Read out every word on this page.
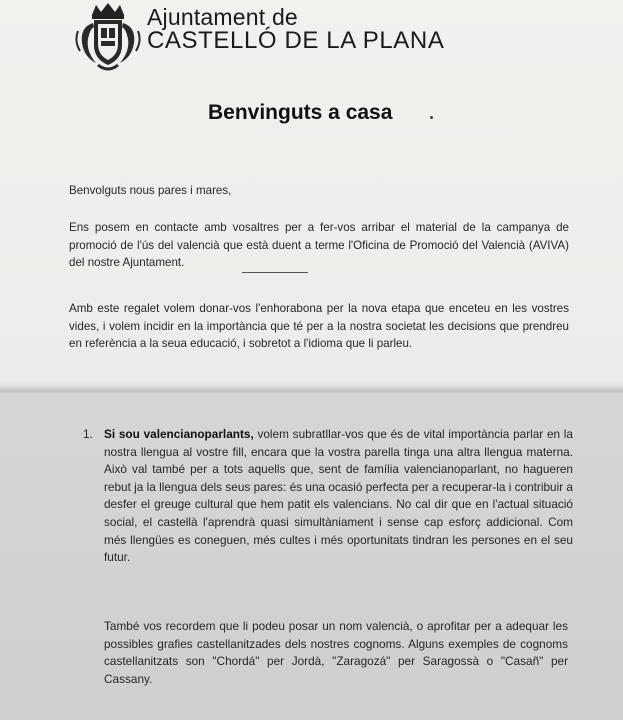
Ajuntament de
CASTELLÓ DE LA PLANA
Benvinguts a casa
Benvolguts nous pares i mares,
Ens posem en contacte amb vosaltres per a fer-vos arribar el material de la campanya de promoció de l'ús del valencià que està duent a terme l'Oficina de Promoció del Valencià (AVIVA) del nostre Ajuntament.
Amb este regalet volem donar-vos l'enhorabona per la nova etapa que enceteu en les vostres vides, i volem incidir en la importància que té per a la nostra societat les decisions que prendreu en referència a la seua educació, i sobretot a l'idioma que li parleu.
1. Si sou valencianoparlants, volem subratllar-vos que és de vital importància parlar en la nostra llengua al vostre fill, encara que la vostra parella tinga una altra llengua materna. Això val també per a tots aquells que, sent de família valencianoparlant, no hagueren rebut ja la llengua dels seus pares: és una ocasió perfecta per a recuperar-la i contribuir a desfer el greuge cultural que hem patit els valencians. No cal dir que en l'actual situació social, el castellà l'aprendrà quasi simultàniament i sense cap esforç addicional. Com més llengües es coneguen, més cultes i més oportunitats tindran les persones en el seu futur.
També vos recordem que li podeu posar un nom valencià, o aprofitar per a adequar les possibles grafies castellanitzades dels nostres cognoms. Alguns exemples de cognoms castellanitzats son "Chordá" per Jordà, "Zaragozá" per Saragossà o "Casañ" per Cassany.
